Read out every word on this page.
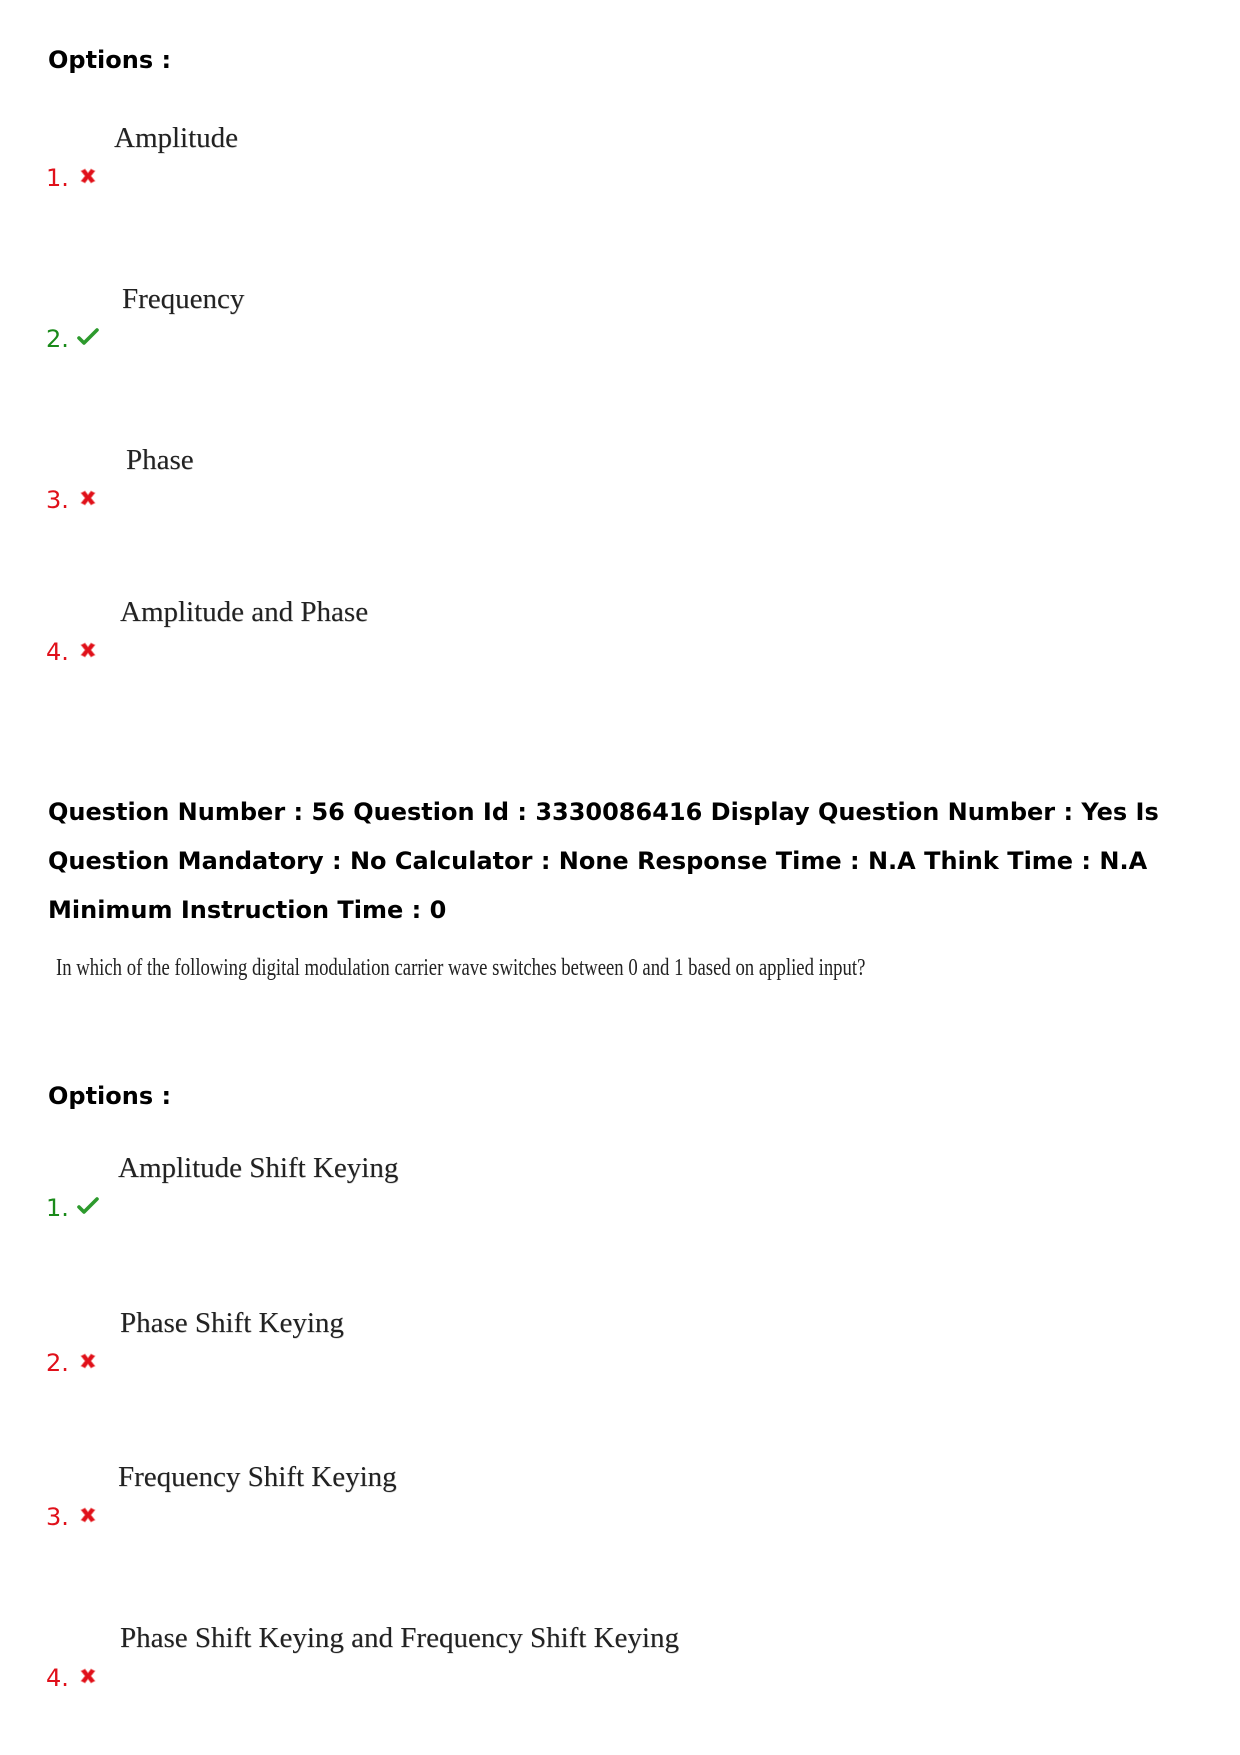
Options :
1.
Amplitude
2.
Frequency
3.
Phase
4.
Amplitude and Phase

Question Number : 56 Question Id : 3330086416 Display Question Number : Yes Is Question Mandatory : No Calculator : None Response Time : N.A Think Time : N.A Minimum Instruction Time : 0

In which of the following digital modulation carrier wave switches between 0 and 1 based on applied input?
Options :
1.
Amplitude Shift Keying
2.
Phase Shift Keying
3.
Frequency Shift Keying
4.
Phase Shift Keying and Frequency Shift Keying
